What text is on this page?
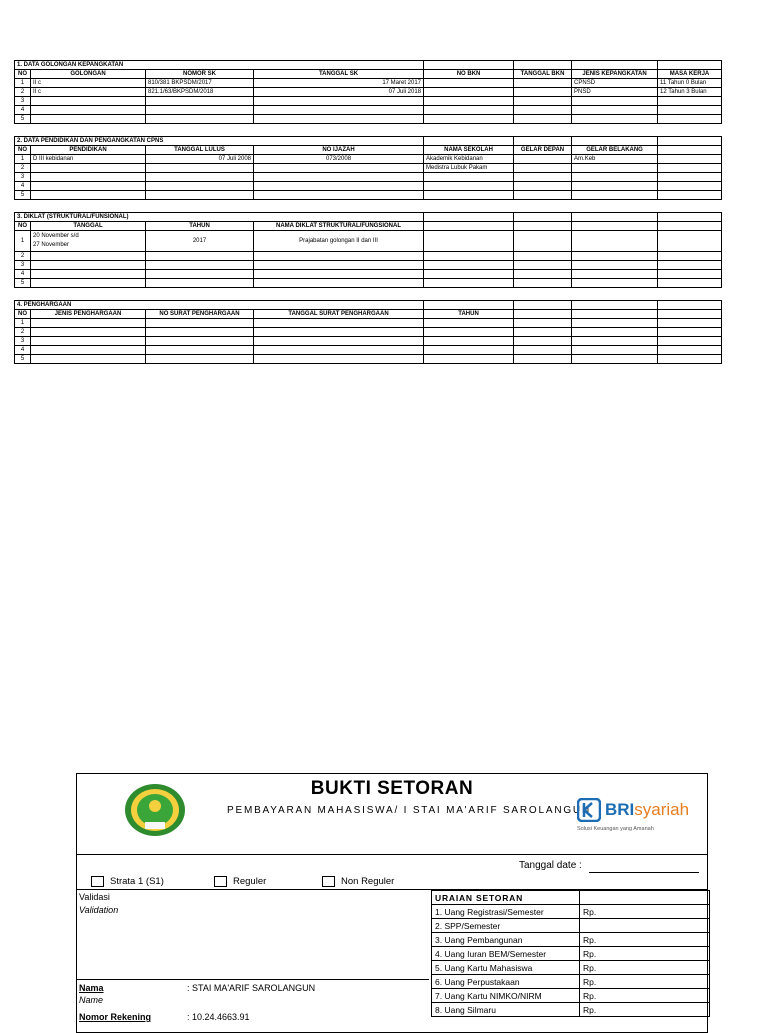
1. DATA GOLONGAN KEPANGKATAN							
NO	GOLONGAN	NOMOR SK	TANGGAL SK	NO BKN	TANGGAL BKN	JENIS KEPANGKATAN	MASA KERJA
1	II c	810/381 BKPSDM/2017	17 Maret 2017			CPNSD	11 Tahun 0 Bulan
2	II c	821.1/63/BKPSDM/2018	07 Juli 2018			PNSD	12 Tahun 3 Bulan
3							
4							
5							
2. DATA PENDIDIKAN DAN PENGANGKATAN CPNS							
NO	PENDIDIKAN	TANGGAL LULUS	NO IJAZAH	NAMA SEKOLAH	GELAR DEPAN	GELAR BELAKANG	
1	D III kebidanan	07 Juli 2008	073/2008	Akademik Kebidanan		Am.Keb	
2				Medistra Lubuk Pakam			
3							
4							
5							
3. DIKLAT (STRUKTURAL/FUNSIONAL)							
NO	TANGGAL	TAHUN	NAMA DIKLAT STRUKTURAL/FUNGSIONAL				
1	20 November s/d
27 November	2017	Prajabatan golongan II dan III				
2							
3							
4							
5							
4. PENGHARGAAN							
NO	JENIS PENGHARGAAN	NO SURAT PENGHARGAAN	TANGGAL SURAT PENGHARGAAN	TAHUN			
1							
2							
3							
4							
5							
BUKTI SETORAN
PEMBAYARAN MAHASISWA/ I STAI MA'ARIF SAROLANGUN BRIsyariah
Solusi Keuangan yang Amanah
Tanggal date :
Strata 1 (S1)	Reguler	Non Reguler
Validasi
Validation
Nama
Name
: STAI MA'ARIF SAROLANGUN
Nomor Rekening	: 10.24.4663.91
URAIAN SETORAN	
1. Uang Registrasi/Semester	Rp.
2. SPP/Semester	
3. Uang Pembangunan	Rp.
4. Uang Iuran BEM/Semester	Rp.
5. Uang Kartu Mahasiswa	Rp.
6. Uang Perpustakaan	Rp.
7. Uang Kartu NIMKO/NIRM	Rp.
8. Uang Silmaru	Rp.
